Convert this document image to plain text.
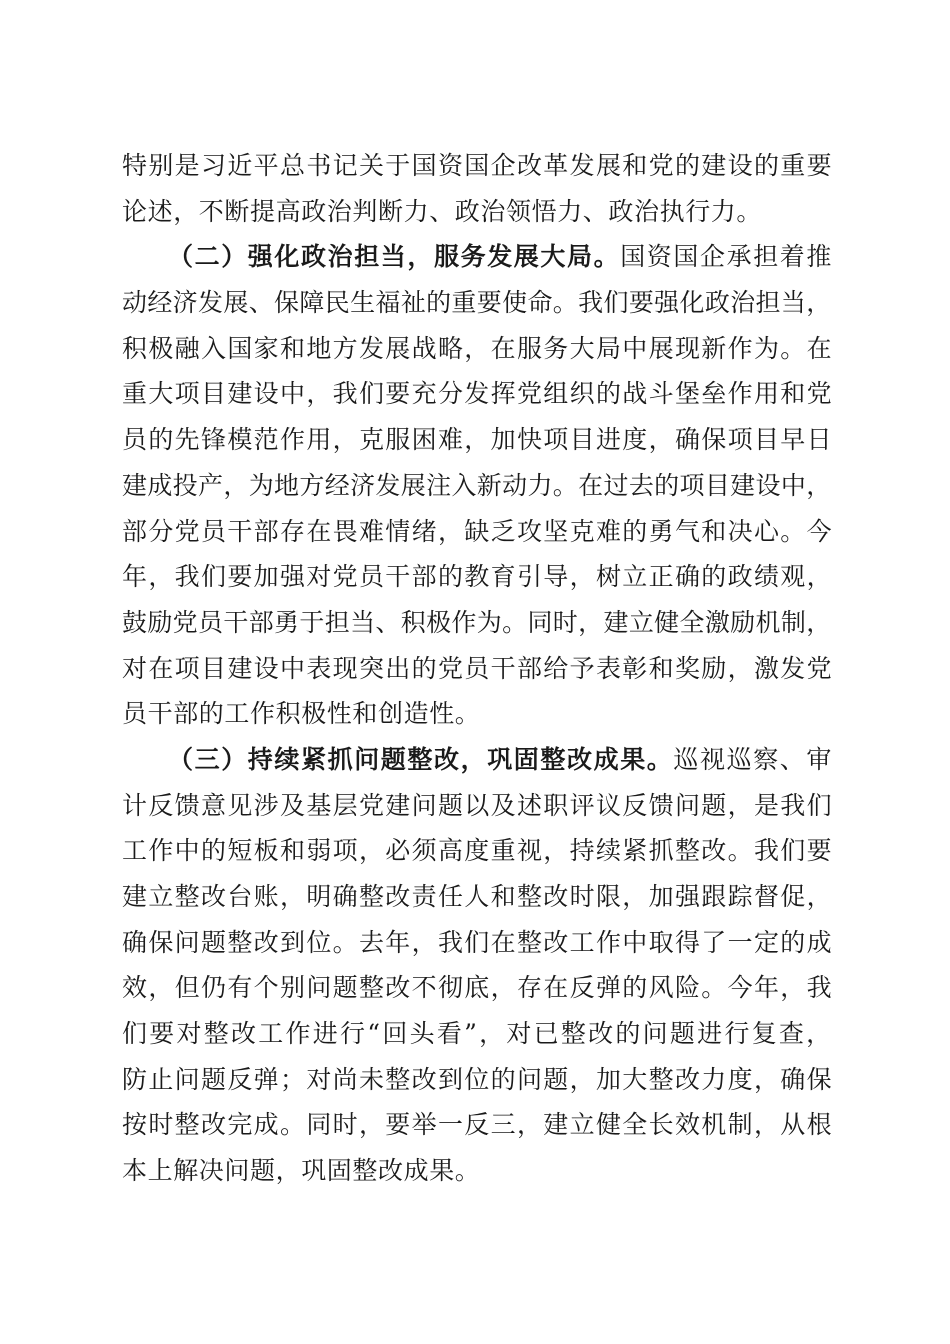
特别是习近平总书记关于国资国企改革发展和党的建设的重要
论述，不断提高政治判断力、政治领悟力、政治执行力。
（二）强化政治担当，服务发展大局。国资国企承担着推
动经济发展、保障民生福祉的重要使命。我们要强化政治担当，
积极融入国家和地方发展战略，在服务大局中展现新作为。在
重大项目建设中，我们要充分发挥党组织的战斗堡垒作用和党
员的先锋模范作用，克服困难，加快项目进度，确保项目早日
建成投产，为地方经济发展注入新动力。在过去的项目建设中，
部分党员干部存在畏难情绪，缺乏攻坚克难的勇气和决心。今
年，我们要加强对党员干部的教育引导，树立正确的政绩观，
鼓励党员干部勇于担当、积极作为。同时，建立健全激励机制，
对在项目建设中表现突出的党员干部给予表彰和奖励，激发党
员干部的工作积极性和创造性。
（三）持续紧抓问题整改，巩固整改成果。巡视巡察、审
计反馈意见涉及基层党建问题以及述职评议反馈问题，是我们
工作中的短板和弱项，必须高度重视，持续紧抓整改。我们要
建立整改台账，明确整改责任人和整改时限，加强跟踪督促，
确保问题整改到位。去年，我们在整改工作中取得了一定的成
效，但仍有个别问题整改不彻底，存在反弹的风险。今年，我
们要对整改工作进行“回头看”，对已整改的问题进行复查，
防止问题反弹；对尚未整改到位的问题，加大整改力度，确保
按时整改完成。同时，要举一反三，建立健全长效机制，从根
本上解决问题，巩固整改成果。
